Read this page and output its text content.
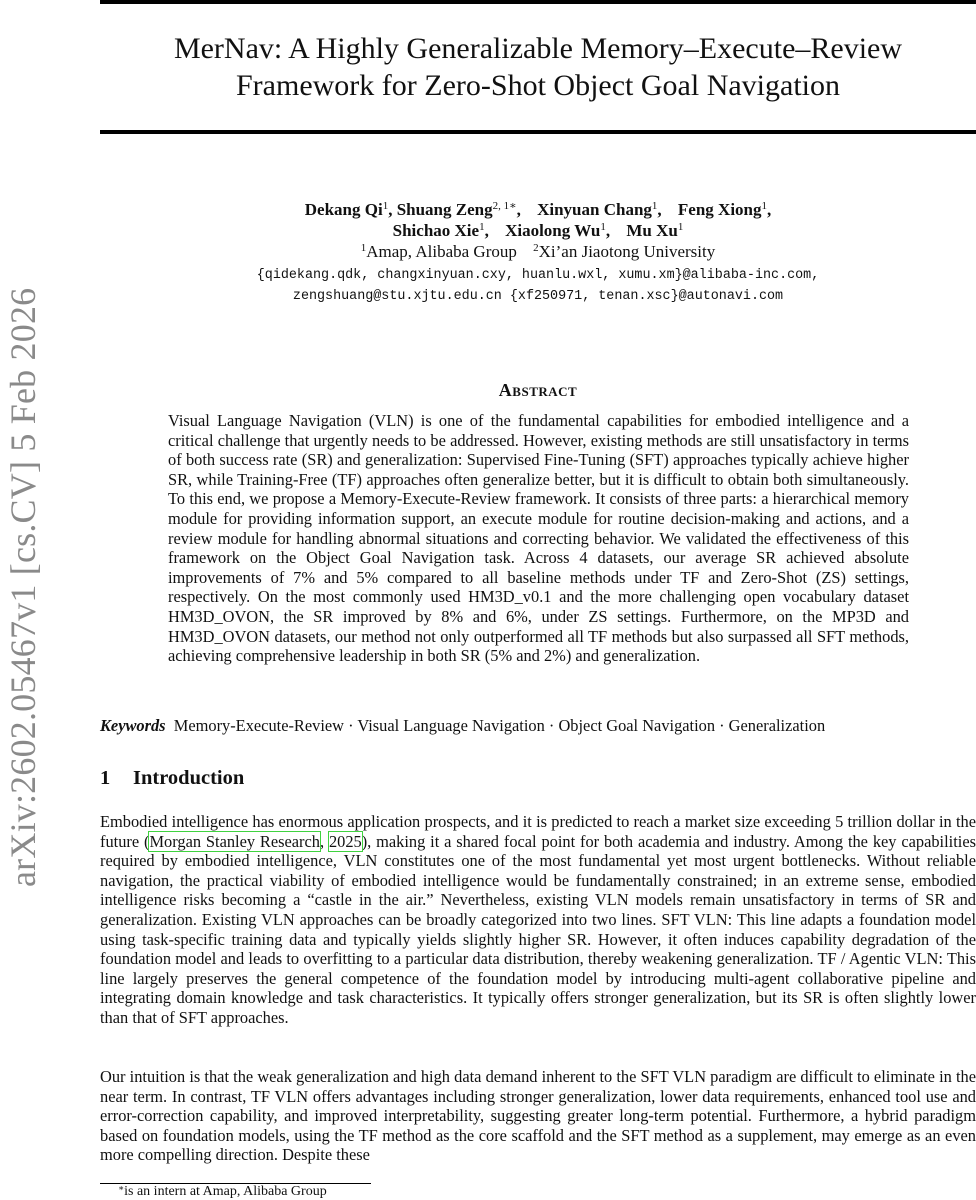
arXiv:2602.05467v1 [cs.CV] 5 Feb 2026
MerNav: A Highly Generalizable Memory–Execute–Review
Framework for Zero-Shot Object Goal Navigation
Dekang Qi$^1$, Shuang Zeng$^{2, 1∗}$, Xinyuan Chang$^1$, Feng Xiong$^1$,
Shichao Xie$^1$, Xiaolong Wu$^1$, Mu Xu$^1$
$^1$Amap, Alibaba Group $^2$Xi’an Jiaotong University
{qidekang.qdk, changxinyuan.cxy, huanlu.wxl, xumu.xm}@alibaba-inc.com,
zengshuang@stu.xjtu.edu.cn {xf250971, tenan.xsc}@autonavi.com
Abstract
Visual Language Navigation (VLN) is one of the fundamental capabilities for embodied intelligence and a critical challenge that urgently needs to be addressed. However, existing methods are still unsatisfactory in terms of both success rate (SR) and generalization: Supervised Fine-Tuning (SFT) approaches typically achieve higher SR, while Training-Free (TF) approaches often generalize better, but it is difficult to obtain both simultaneously. To this end, we propose a Memory-Execute-Review framework. It consists of three parts: a hierarchical memory module for providing information support, an execute module for routine decision-making and actions, and a review module for handling abnormal situations and correcting behavior. We validated the effectiveness of this framework on the Object Goal Navigation task. Across 4 datasets, our average SR achieved absolute improvements of 7% and 5% compared to all baseline methods under TF and Zero-Shot (ZS) settings, respectively. On the most commonly used HM3D_v0.1 and the more challenging open vocabulary dataset HM3D_OVON, the SR improved by 8% and 6%, under ZS settings. Furthermore, on the MP3D and HM3D_OVON datasets, our method not only outperformed all TF methods but also surpassed all SFT methods, achieving comprehensive leadership in both SR (5% and 2%) and generalization.
Keywords Memory-Execute-Review · Visual Language Navigation · Object Goal Navigation · Generalization
1 Introduction

Embodied intelligence has enormous application prospects, and it is predicted to reach a market size exceeding 5 trillion dollar in the future (Morgan Stanley Research, 2025), making it a shared focal point for both academia and industry. Among the key capabilities required by embodied intelligence, VLN constitutes one of the most fundamental yet most urgent bottlenecks. Without reliable navigation, the practical viability of embodied intelligence would be fundamentally constrained; in an extreme sense, embodied intelligence risks becoming a “castle in the air.” Nevertheless, existing VLN models remain unsatisfactory in terms of SR and generalization. Existing VLN approaches can be broadly categorized into two lines. SFT VLN: This line adapts a foundation model using task-specific training data and typically yields slightly higher SR. However, it often induces capability degradation of the foundation model and leads to overfitting to a particular data distribution, thereby weakening generalization. TF / Agentic VLN: This line largely preserves the general competence of the foundation model by introducing multi-agent collaborative pipeline and integrating domain knowledge and task characteristics. It typically offers stronger generalization, but its SR is often slightly lower than that of SFT approaches.

Our intuition is that the weak generalization and high data demand inherent to the SFT VLN paradigm are difficult to eliminate in the near term. In contrast, TF VLN offers advantages including stronger generalization, lower data requirements, enhanced tool use and error-correction capability, and improved interpretability, suggesting greater long-term potential. Furthermore, a hybrid paradigm based on foundation models, using the TF method as the core scaffold and the SFT method as a supplement, may emerge as an even more compelling direction. Despite these

∗is an intern at Amap, Alibaba Group
